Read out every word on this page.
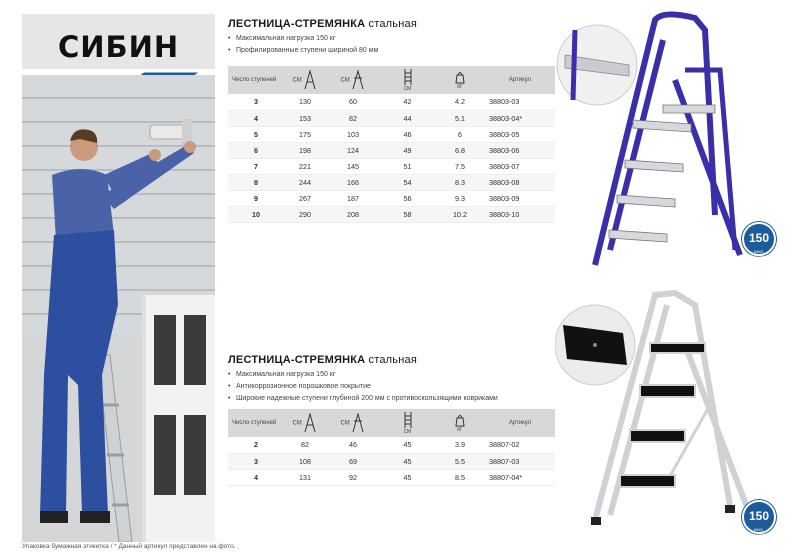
СИБИН
Упаковка бумажная этикетка / * Данный артикул представлен на фото.
ЛЕСТНИЦА-СТРЕМЯНКА стальная
• Максимальная нагрузка 150 кг
• Профилированные ступени шириной 80 мм
Число ступеней	СМ	СМ	СМ	КГ	Артикул
3	130	60	42	4.2	38803-03
4	153	82	44	5.1	38803-04*
5	175	103	46	6	38803-05
6	198	124	49	6.8	38803-06
7	221	145	51	7.5	38803-07
8	244	166	54	8.3	38803-08
9	267	187	56	9.3	38803-09
10	290	208	58	10.2	38803-10
150
МАКС. НАГРУЗКА, КГ
ЛЕСТНИЦА-СТРЕМЯНКА стальная
• Максимальная нагрузка 150 кг
• Антикоррозионное порошковое покрытие
• Широкие надежные ступени глубиной 200 мм с противоскользящими ковриками
Число ступеней	СМ	СМ	СМ	КГ	Артикул
2	82	46	45	3.9	38807-02
3	108	69	45	5.5	38807-03
4	131	92	45	8.5	38807-04*
150
МАКС. НАГРУЗКА, КГ
